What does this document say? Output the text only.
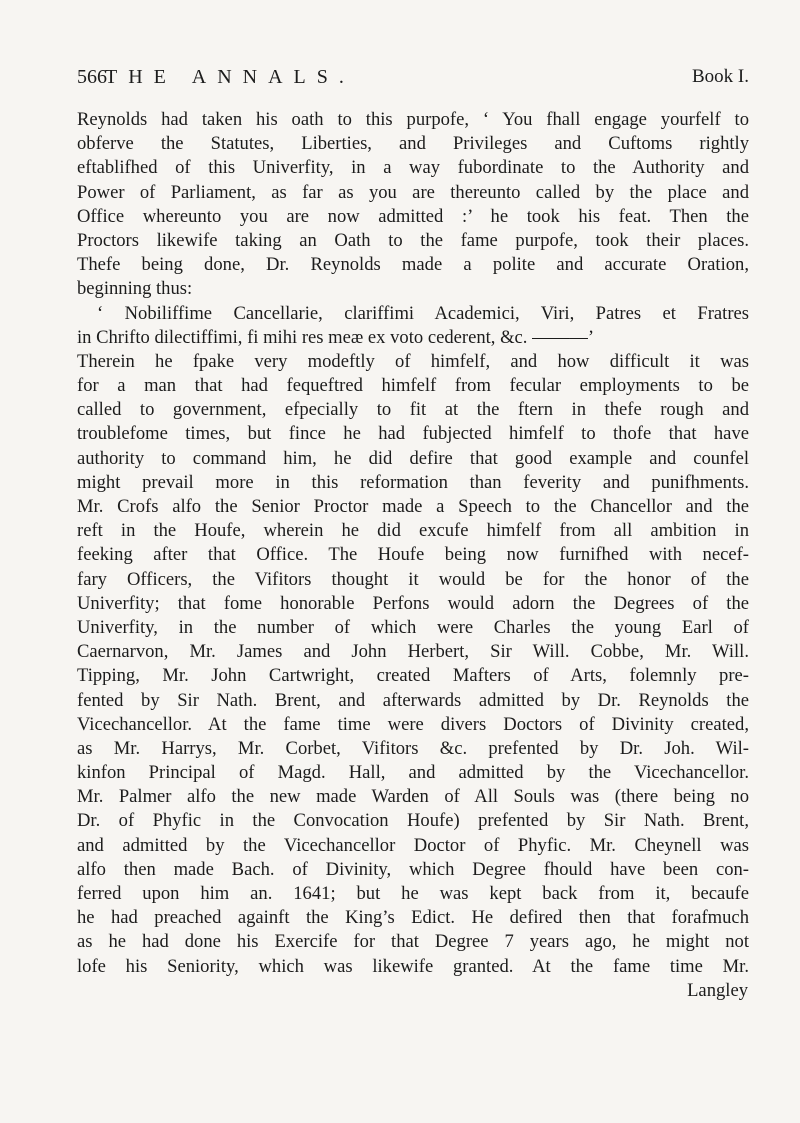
566
THE ANNALS.	Book I.
Reynolds had taken his oath to this purpofe, ‘ You fhall engage yourfelf to
obferve the Statutes, Liberties, and Privileges and Cuftoms rightly
eftablifhed of this Univerfity, in a way fubordinate to the Authority and
Power of Parliament, as far as you are thereunto called by the place and
Office whereunto you are now admitted :’ he took his feat. Then the
Proctors likewife taking an Oath to the fame purpofe, took their places.
Thefe being done, Dr. Reynolds made a polite and accurate Oration,
beginning thus:
‘ Nobiliffime Cancellarie, clariffimi Academici, Viri, Patres et Fratres
in Chrifto dilectiffimi, fi mihi res meæ ex voto cederent, &c. ———’
Therein he fpake very modeftly of himfelf, and how difficult it was
for a man that had fequeftred himfelf from fecular employments to be
called to government, efpecially to fit at the ftern in thefe rough and
troublefome times, but fince he had fubjected himfelf to thofe that have
authority to command him, he did defire that good example and counfel
might prevail more in this reformation than feverity and punifhments.
Mr. Crofs alfo the Senior Proctor made a Speech to the Chancellor and the
reft in the Houfe, wherein he did excufe himfelf from all ambition in
feeking after that Office. The Houfe being now furnifhed with necef-
fary Officers, the Vifitors thought it would be for the honor of the
Univerfity; that fome honorable Perfons would adorn the Degrees of the
Univerfity, in the number of which were Charles the young Earl of
Caernarvon, Mr. James and John Herbert, Sir Will. Cobbe, Mr. Will.
Tipping, Mr. John Cartwright, created Mafters of Arts, folemnly pre-
fented by Sir Nath. Brent, and afterwards admitted by Dr. Reynolds the
Vicechancellor. At the fame time were divers Doctors of Divinity created,
as Mr. Harrys, Mr. Corbet, Vifitors &c. prefented by Dr. Joh. Wil-
kinfon Principal of Magd. Hall, and admitted by the Vicechancellor.
Mr. Palmer alfo the new made Warden of All Souls was (there being no
Dr. of Phyfic in the Convocation Houfe) prefented by Sir Nath. Brent,
and admitted by the Vicechancellor Doctor of Phyfic. Mr. Cheynell was
alfo then made Bach. of Divinity, which Degree fhould have been con-
ferred upon him an. 1641; but he was kept back from it, becaufe
he had preached againft the King’s Edict. He defired then that forafmuch
as he had done his Exercife for that Degree 7 years ago, he might not
lofe his Seniority, which was likewife granted. At the fame time Mr.
Langley
